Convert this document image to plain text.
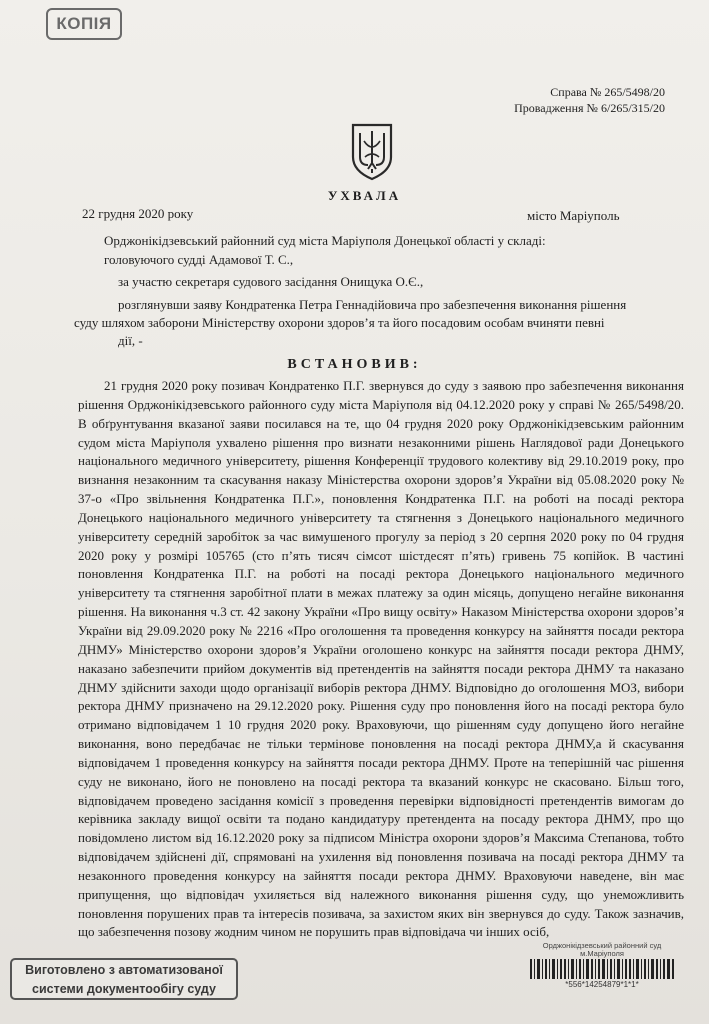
КОПІЯ
Справа № 265/5498/20
Провадження № 6/265/315/20
УХВАЛА
22 грудня 2020 року	місто Маріуполь
Орджонікідзевський районний суд міста Маріуполя Донецької області у складі:
головуючого судді Адамової Т. С.,
за участю секретаря судового засідання Онищука О.Є.,
розглянувши заяву Кондратенка Петра Геннадійовича про забезпечення виконання рішення
суду шляхом заборони Міністерству охорони здоров’я та його посадовим особам вчиняти певні
дії, -
ВСТАНОВИВ:
21 грудня 2020 року позивач Кондратенко П.Г. звернувся до суду з заявою про забезпечення виконання рішення Орджонікідзевського районного суду міста Маріуполя від 04.12.2020 року у справі № 265/5498/20. В обґрунтування вказаної заяви посилався на те, що 04 грудня 2020 року Орджонікідзевським районним судом міста Маріуполя ухвалено рішення про визнати незаконними рішень Наглядової ради Донецького національного медичного університету, рішення Конференції трудового колективу від 29.10.2019 року, про визнання незаконним та скасування наказу Міністерства охорони здоров’я України від 05.08.2020 року № 37-о «Про звільнення Кондратенка П.Г.», поновлення Кондратенка П.Г. на роботі на посаді ректора Донецького національного медичного університету та стягнення з Донецького національного медичного університету середній заробіток за час вимушеного прогулу за період з 20 серпня 2020 року по 04 грудня 2020 року у розмірі 105765 (сто п’ять тисяч сімсот шістдесят п’ять) гривень 75 копійок. В частині поновлення Кондратенка П.Г. на роботі на посаді ректора Донецького національного медичного університету та стягнення заробітної плати в межах платежу за один місяць, допущено негайне виконання рішення. На виконання ч.3 ст. 42 закону України «Про вищу освіту» Наказом Міністерства охорони здоров’я України від 29.09.2020 року № 2216 «Про оголошення та проведення конкурсу на зайняття посади ректора ДНМУ» Міністерство охорони здоров’я України оголошено конкурс на зайняття посади ректора ДНМУ, наказано забезпечити прийом документів від претендентів на зайняття посади ректора ДНМУ та наказано ДНМУ здійснити заходи щодо організації виборів ректора ДНМУ. Відповідно до оголошення МОЗ, вибори ректора ДНМУ призначено на 29.12.2020 року. Рішення суду про поновлення його на посаді ректора було отримано відповідачем 1 10 грудня 2020 року. Враховуючи, що рішенням суду допущено його негайне виконання, воно передбачає не тільки термінове поновлення на посаді ректора ДНМУ,а й скасування відповідачем 1 проведення конкурсу на зайняття посади ректора ДНМУ. Проте на теперішній час рішення суду не виконано, його не поновлено на посаді ректора та вказаний конкурс не скасовано. Більш того, відповідачем проведено засідання комісії з проведення перевірки відповідності претендентів вимогам до керівника закладу вищої освіти та подано кандидатуру претендента на посаду ректора ДНМУ, про що повідомлено листом від 16.12.2020 року за підписом Міністра охорони здоров’я Максима Степанова, тобто відповідачем здійснені дії, спрямовані на ухилення від поновлення позивача на посаді ректора ДНМУ та незаконного проведення конкурсу на зайняття посади ректора ДНМУ. Враховуючи наведене, він має припущення, що відповідач ухиляється від належного виконання рішення суду, що унеможливить поновлення порушених прав та інтересів позивача, за захистом яких він звернувся до суду. Також зазначив, що забезпечення позову жодним чином не порушить прав відповідача чи інших осіб,
Орджонікідзевський районний суд м.Маріуполя
*556*14254879*1*1*
Виготовлено з автоматизованої
системи документообігу суду
